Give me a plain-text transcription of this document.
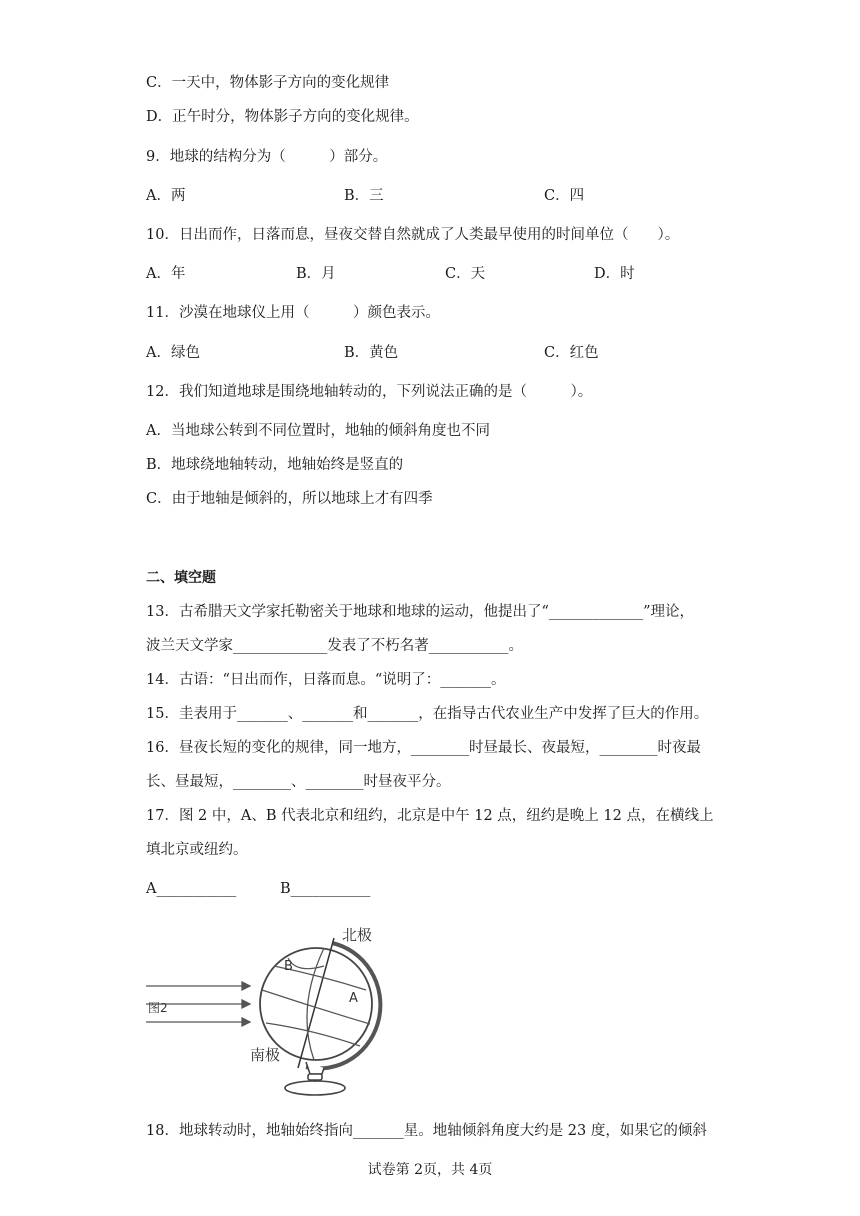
C．一天中，物体影子方向的变化规律
D．正午时分，物体影子方向的变化规律。
9．地球的结构分为（　　　）部分。
A．两	B．三	C．四
10．日出而作，日落而息，昼夜交替自然就成了人类最早使用的时间单位（　　）。
A．年	B．月	C．天	D．时
11．沙漠在地球仪上用（　　　）颜色表示。
A．绿色	B．黄色	C．红色
12．我们知道地球是围绕地轴转动的，下列说法正确的是（　　　）。
A．当地球公转到不同位置时，地轴的倾斜角度也不同
B．地球绕地轴转动，地轴始终是竖直的
C．由于地轴是倾斜的，所以地球上才有四季
二、填空题
13．古希腊天文学家托勒密关于地球和地球的运动，他提出了“_____________”理论，
波兰天文学家_____________发表了不朽名著___________。
14．古语：“日出而作，日落而息。“说明了：_______。
15．圭表用于_______、_______和_______，在指导古代农业生产中发挥了巨大的作用。
16．昼夜长短的变化的规律，同一地方，________时昼最长、夜最短，________时夜最
长、昼最短，________、________时昼夜平分。
17．图 2 中，A、B 代表北京和纽约，北京是中午 12 点，纽约是晚上 12 点，在横线上
填北京或纽约。
A___________	B___________
图2
B
A
北极
南极
18．地球转动时，地轴始终指向_______星。地轴倾斜角度大约是 23 度，如果它的倾斜
试卷第 2页，共 4页
